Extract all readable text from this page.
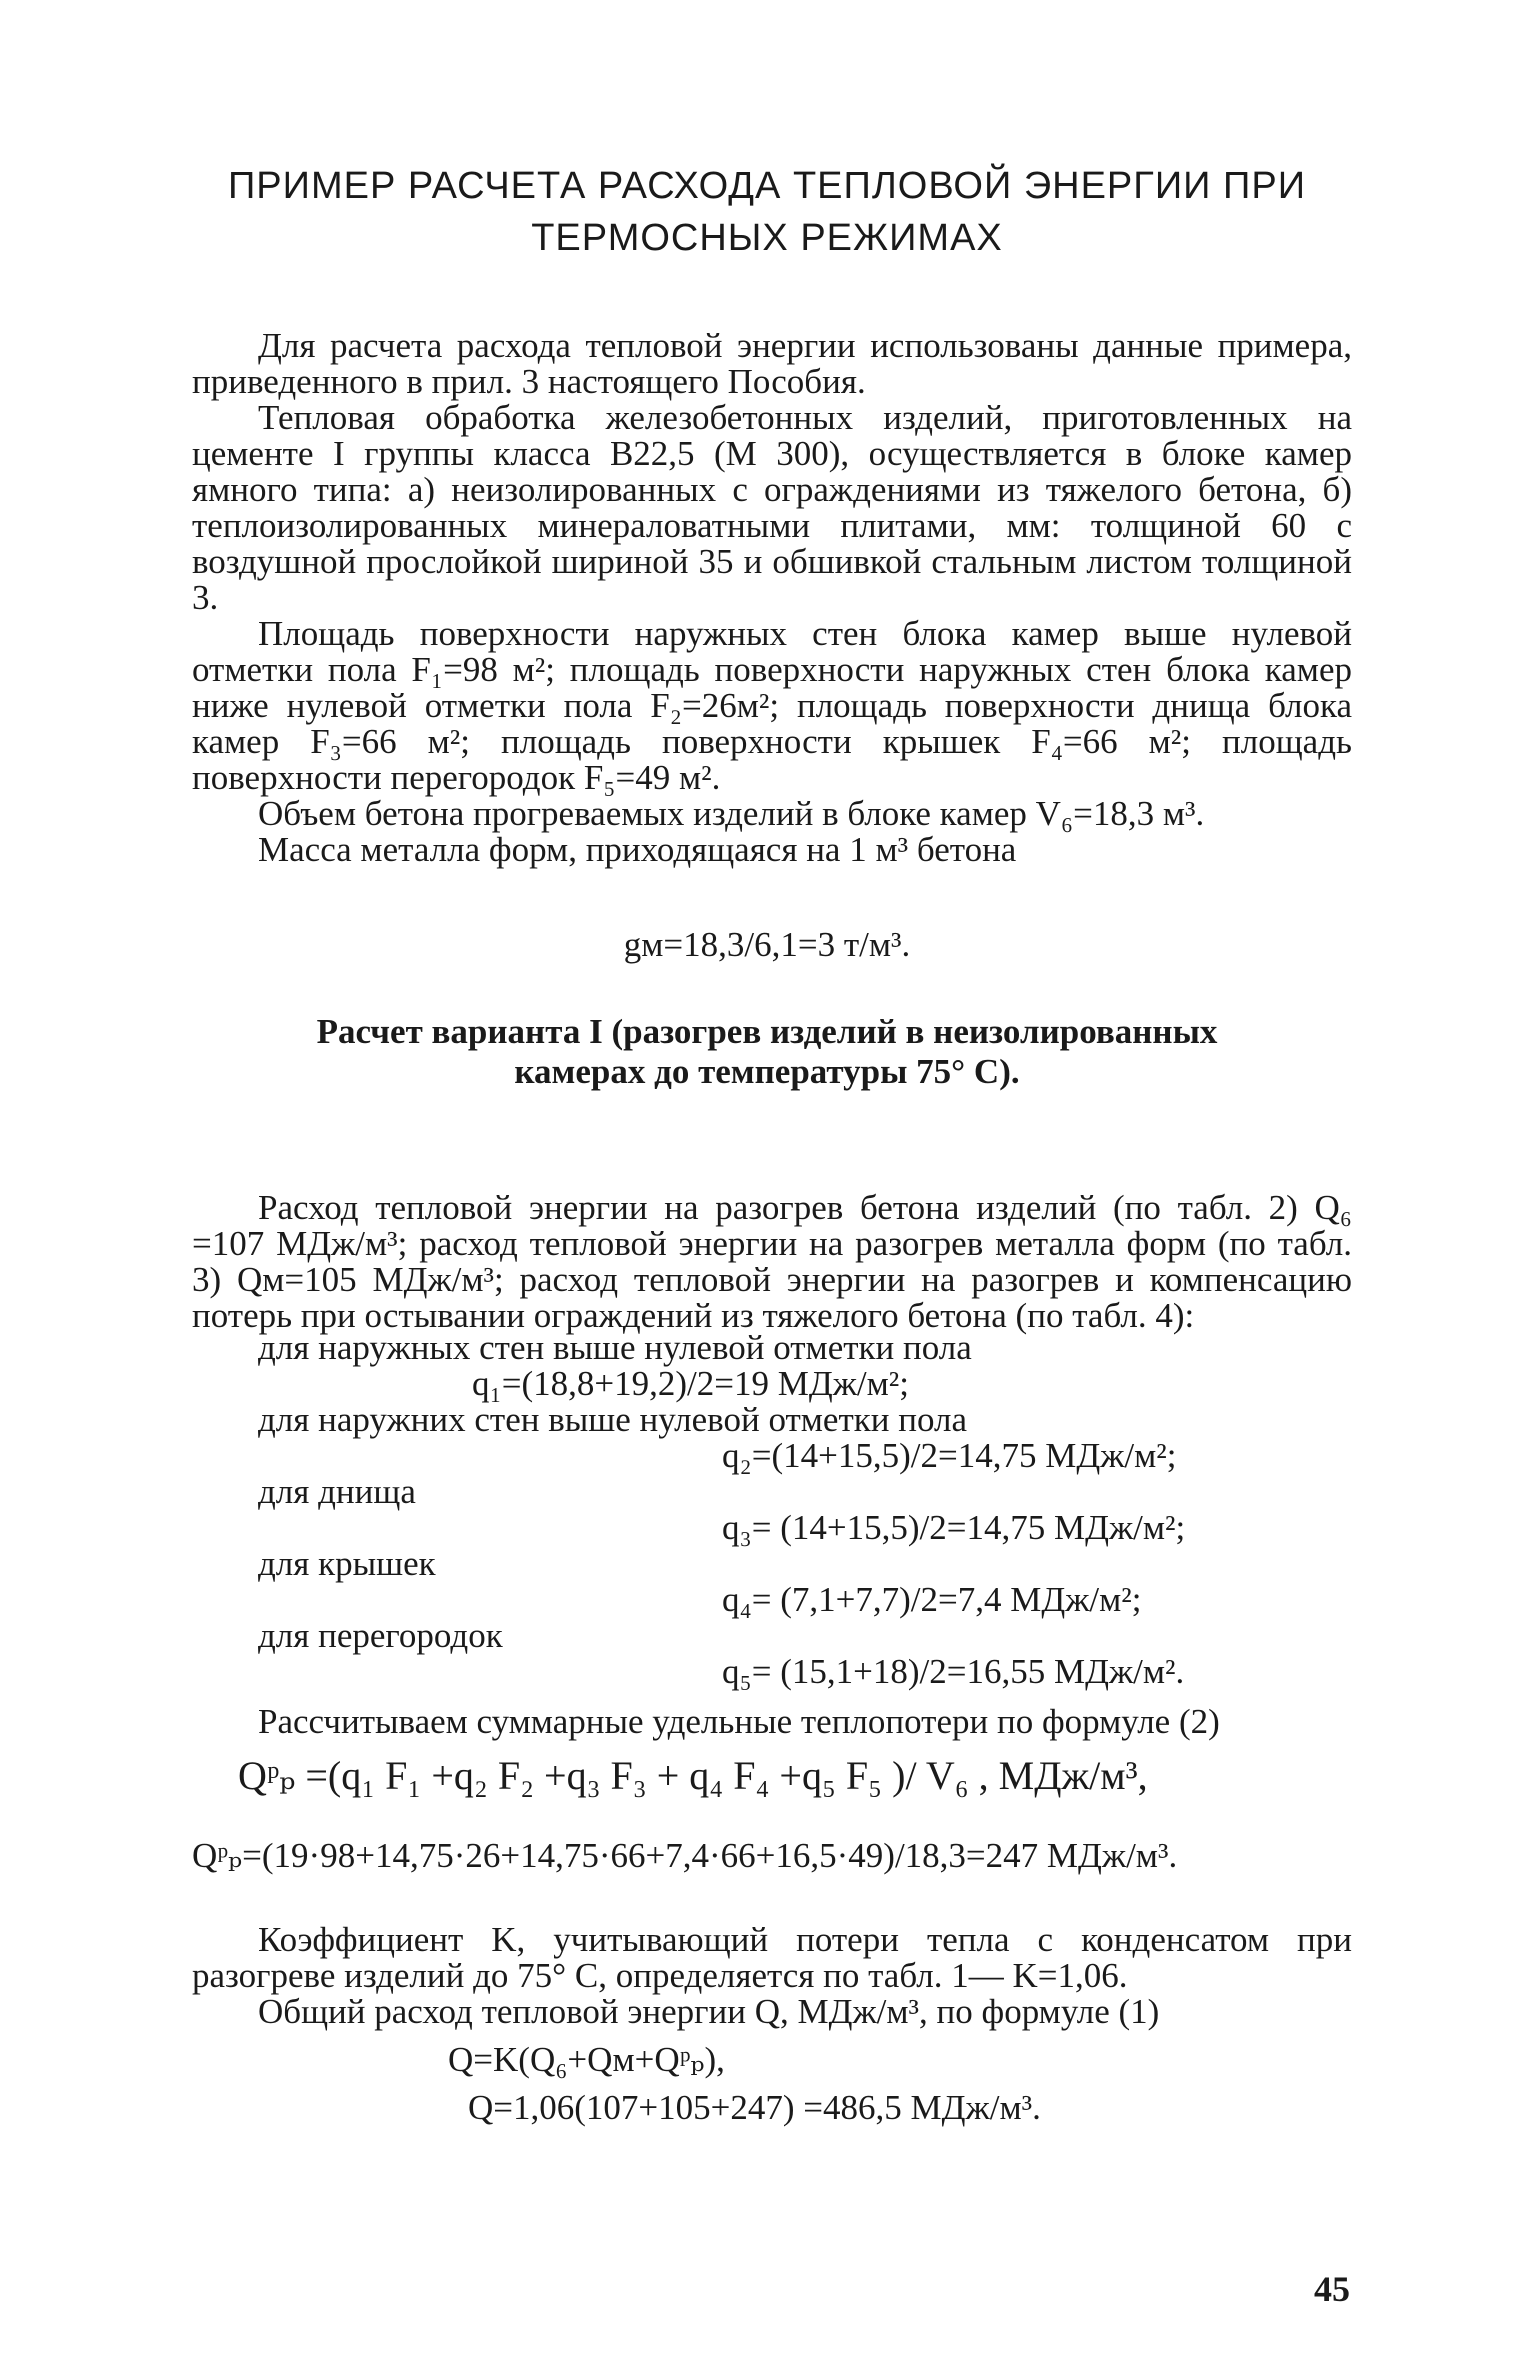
ПРИМЕР РАСЧЕТА РАСХОДА ТЕПЛОВОЙ ЭНЕРГИИ ПРИ
ТЕРМОСНЫХ РЕЖИМАХ

Для расчета расхода тепловой энергии использованы данные примера, приведенного в прил. 3 настоящего Пособия.

Тепловая обработка железобетонных изделий, приготовленных на цементе I группы класса В22,5 (М 300), осуществляется в блоке камер ямного типа: а) неизолированных с ограждениями из тяжелого бетона, б) теплоизолированных минераловатными плитами, мм: толщиной 60 с воздушной прослойкой шириной 35 и обшивкой стальным листом толщиной 3.

Площадь поверхности наружных стен блока камер выше нулевой отметки пола F₁=98 м²; площадь поверхности наружных стен блока камер ниже нулевой отметки пола F₂=26м²; площадь поверхности днища блока камер F₃=66 м²; площадь поверхности крышек F₄=66 м²; площадь поверхности перегородок F₅=49 м².

Объем бетона прогреваемых изделий в блоке камер V₆=18,3 м³.

Масса металла форм, приходящаяся на 1 м³ бетона

gм=18,3/6,1=3 т/м³.
Расчет варианта I (разогрев изделий в неизолированных
камерах до температуры 75° С).

Расход тепловой энергии на разогрев бетона изделий (по табл. 2) Q₆ =107 МДж/м³; расход тепловой энергии на разогрев металла форм (по табл. 3) Qм=105 МДж/м³; расход тепловой энергии на разогрев и компенсацию потерь при остывании ограждений из тяжелого бетона (по табл. 4):

для наружных стен выше нулевой отметки пола
q₁=(18,8+19,2)/2=19 МДж/м²;
для наружних стен выше нулевой отметки пола
q₂=(14+15,5)/2=14,75 МДж/м²;
для днища
q₃= (14+15,5)/2=14,75 МДж/м²;
для крышек
q₄= (7,1+7,7)/2=7,4 МДж/м²;
для перегородок
q₅= (15,1+18)/2=16,55 МДж/м².
Рассчитываем суммарные удельные теплопотери по формуле (2)
Qᵖₚ =(q₁ F₁ +q₂ F₂ +q₃ F₃ + q₄ F₄ +q₅ F₅ )/ V₆ , МДж/м³,
Qᵖₚ=(19·98+14,75·26+14,75·66+7,4·66+16,5·49)/18,3=247 МДж/м³.

Коэффициент K, учитывающий потери тепла с конденсатом при разогреве изделий до 75° С, определяется по табл. 1— K=1,06.

Общий расход тепловой энергии Q, МДж/м³, по формуле (1)

Q=K(Q₆+Qм+Qᵖₚ),
Q=1,06(107+105+247) =486,5 МДж/м³.
45
